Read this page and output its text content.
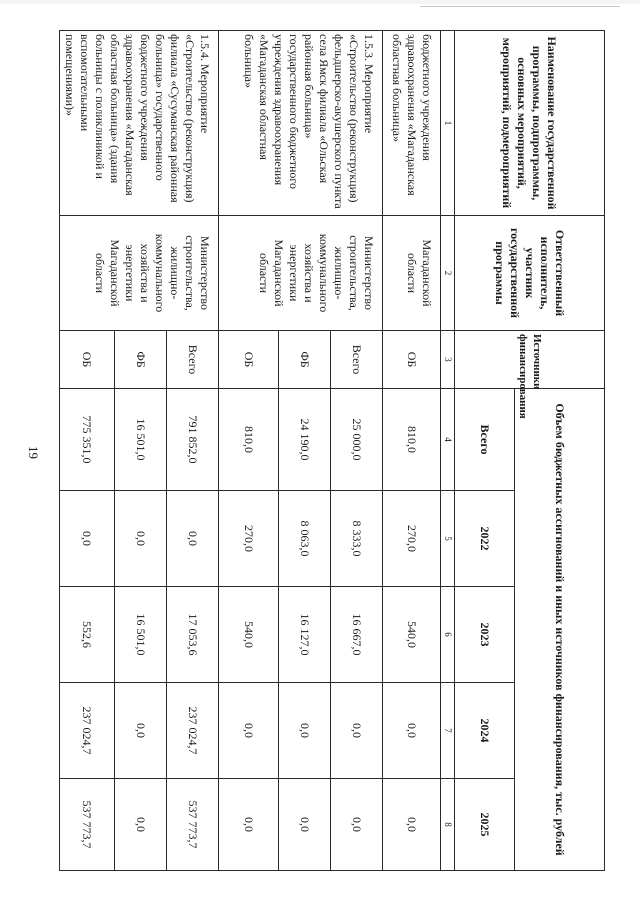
19
Наименование государственной программы, подпрограммы, основных мероприятий, мероприятий, подмероприятий	Ответственный исполнитель, участник государственной программы	Источники финансирования	Объем бюджетных ассигнований и иных источников финансирования, тыс. рублей				
			Всего	2022	2023	2024	2025
1	2	3	4	5	6	7	8
бюджетного учреждения здравоохранения «Магаданская областная больница»	Магаданской области	ОБ	810,0	270,0	540,0	0,0	0,0
1.5.3. Мероприятие «Строительство (реконструкция) фельдшерско-акушерского пункта села Ямск филиала «Ольская районная больница» государственного бюджетного учреждения здравоохранения «Магаданская областная больница»	Министерство строительства, жилищно-коммунального хозяйства и энергетики Магаданской области	Всего	25 000,0	8 333,0	16 667,0	0,0	0,0
		ФБ	24 190,0	8 063,0	16 127,0	0,0	0,0
		ОБ	810,0	270,0	540,0	0,0	0,0
1.5.4. Мероприятие «Строительство (реконструкция) филиала «Сусуманская районная больница» государственного бюджетного учреждения здравоохранения «Магаданская областная больница» (здания больницы с поликлиникой и вспомогательными помещениями)»	Министерство строительства, жилищно-коммунального хозяйства и энергетики Магаданской области	Всего	791 852,0	0,0	17 053,6	237 024,7	537 773,7
		ФБ	16 501,0	0,0	16 501,0	0,0	0,0
		ОБ	775 351,0	0,0	552,6	237 024,7	537 773,7
